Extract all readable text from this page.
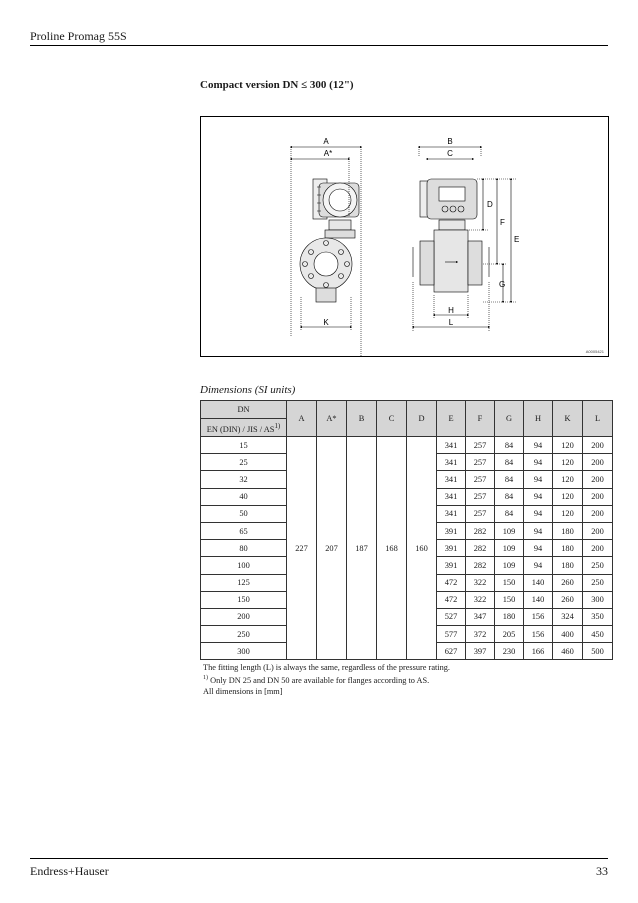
Proline Promag 55S
Compact version DN ≤ 300 (12")
A
A*
B
C
D
F
E
G
H
L
K
A0005421
Dimensions (SI units)
DN	A	A*	B	C	D	E	F	G	H	K	L
EN (DIN) / JIS / AS$^{1)}$
15	227	207	187	168	160	341	257	84	94	120	200
25						341	257	84	94	120	200
32						341	257	84	94	120	200
40						341	257	84	94	120	200
50						341	257	84	94	120	200
65						391	282	109	94	180	200
80						391	282	109	94	180	200
100						391	282	109	94	180	250
125						472	322	150	140	260	250
150						472	322	150	140	260	300
200						527	347	180	156	324	350
250						577	372	205	156	400	450
300						627	397	230	166	460	500
The fitting length (L) is always the same, regardless of the pressure rating.
$^{1)}$ Only DN 25 and DN 50 are available for flanges according to AS.
All dimensions in [mm]
Endress+Hauser	33
